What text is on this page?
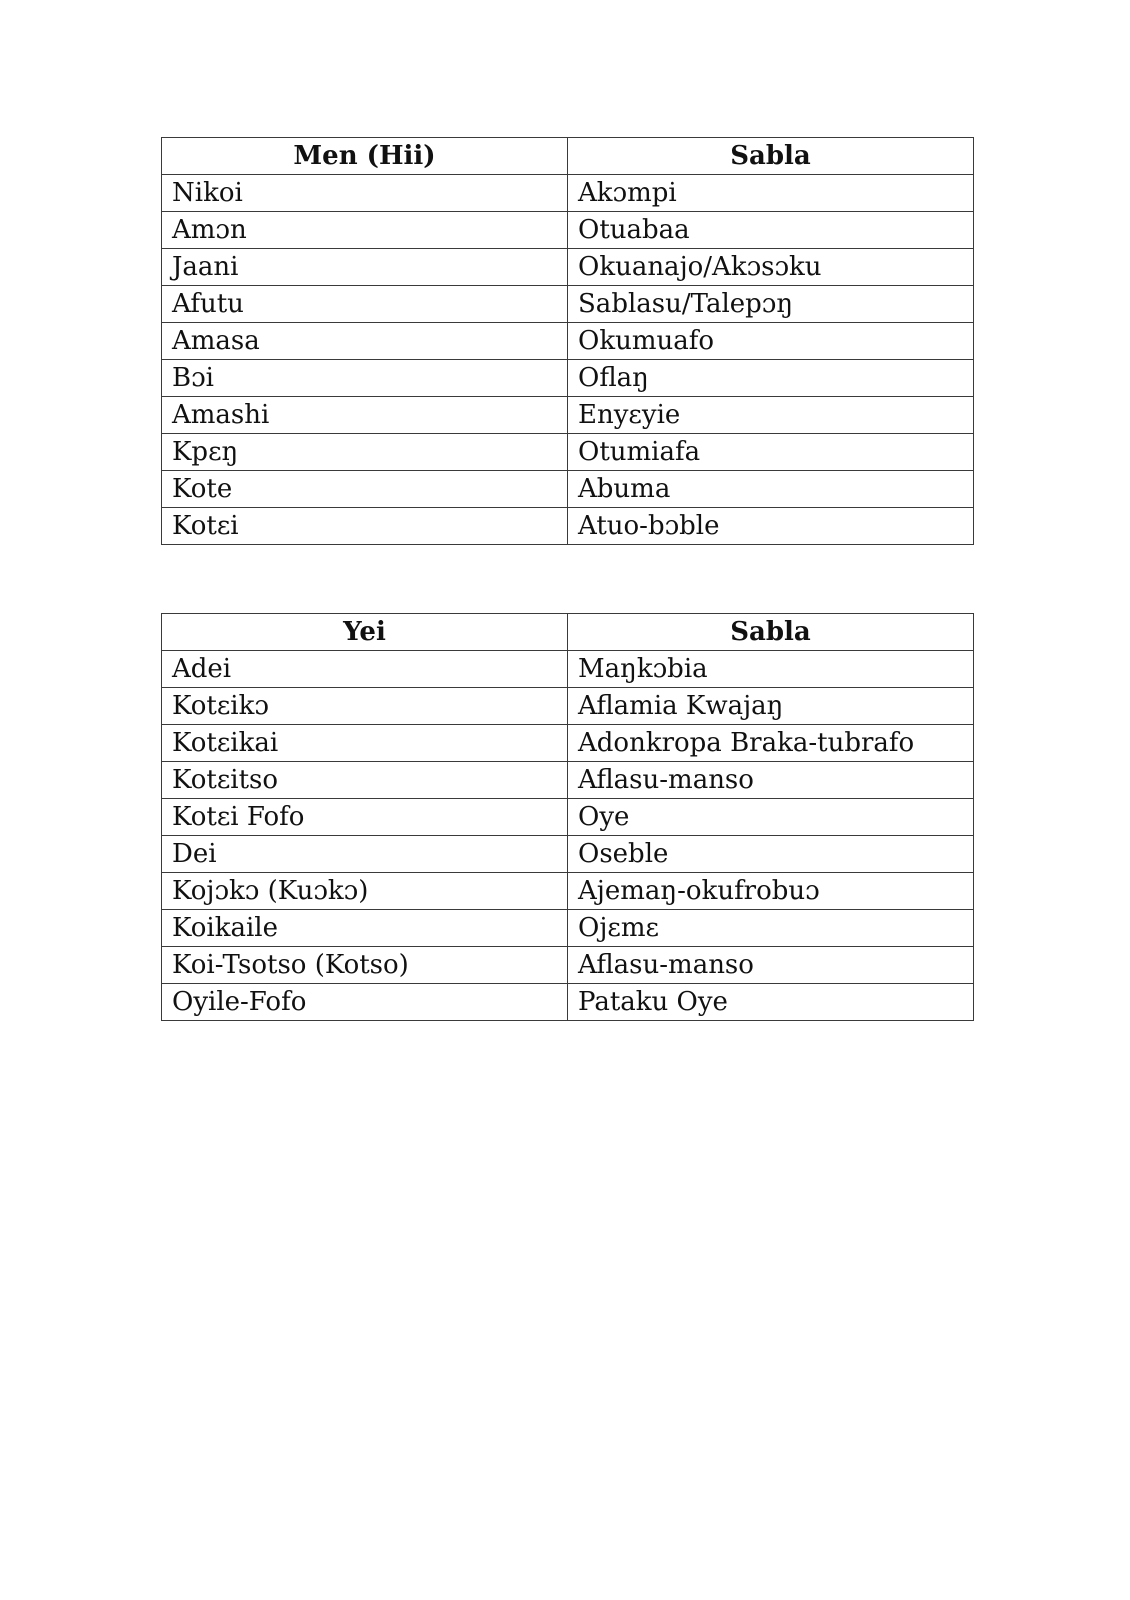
Men (Hii)	Sabla
Nikoi	Akɔmpi
Amɔn	Otuabaa
Jaani	Okuanajo/Akɔsɔku
Afutu	Sablasu/Talepɔŋ
Amasa	Okumuafo
Bɔi	Oflaŋ
Amashi	Enyɛyie
Kpɛŋ	Otumiafa
Kote	Abuma
Kotɛi	Atuo-bɔble
Yei	Sabla
Adei	Maŋkɔbia
Kotɛikɔ	Aflamia Kwajaŋ
Kotɛikai	Adonkropa Braka-tubrafo
Kotɛitso	Aflasu-manso
Kotɛi Fofo	Oye
Dei	Oseble
Kojɔkɔ (Kuɔkɔ)	Ajemaŋ-okufrobuɔ
Koikaile	Ojɛmɛ
Koi-Tsotso (Kotso)	Aflasu-manso
Oyile-Fofo	Pataku Oye
